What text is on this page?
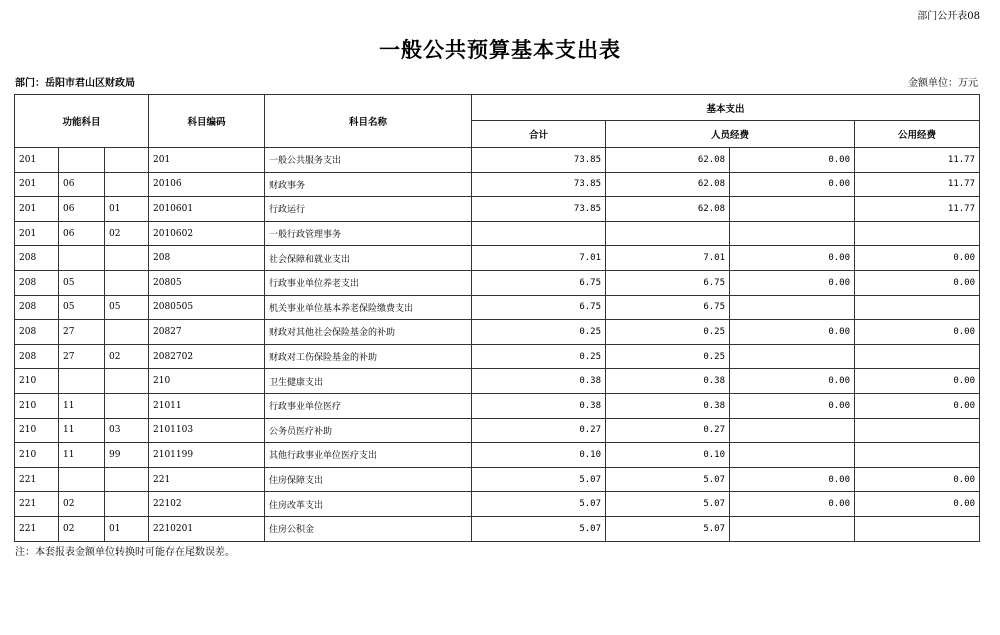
部门公开表08
一般公共预算基本支出表
部门：岳阳市君山区财政局	金额单位：万元
功能科目			科目编码	科目名称	基本支出			
					合计	人员经费		公用经费
201			201	一般公共服务支出	73.85	62.08	0.00	11.77
201	06		20106	财政事务	73.85	62.08	0.00	11.77
201	06	01	2010601	行政运行	73.85	62.08		11.77
201	06	02	2010602	一般行政管理事务				
208			208	社会保障和就业支出	7.01	7.01	0.00	0.00
208	05		20805	行政事业单位养老支出	6.75	6.75	0.00	0.00
208	05	05	2080505	机关事业单位基本养老保险缴费支出	6.75	6.75		
208	27		20827	财政对其他社会保险基金的补助	0.25	0.25	0.00	0.00
208	27	02	2082702	财政对工伤保险基金的补助	0.25	0.25		
210			210	卫生健康支出	0.38	0.38	0.00	0.00
210	11		21011	行政事业单位医疗	0.38	0.38	0.00	0.00
210	11	03	2101103	公务员医疗补助	0.27	0.27		
210	11	99	2101199	其他行政事业单位医疗支出	0.10	0.10		
221			221	住房保障支出	5.07	5.07	0.00	0.00
221	02		22102	住房改革支出	5.07	5.07	0.00	0.00
221	02	01	2210201	住房公积金	5.07	5.07		
注：本套报表金额单位转换时可能存在尾数误差。
